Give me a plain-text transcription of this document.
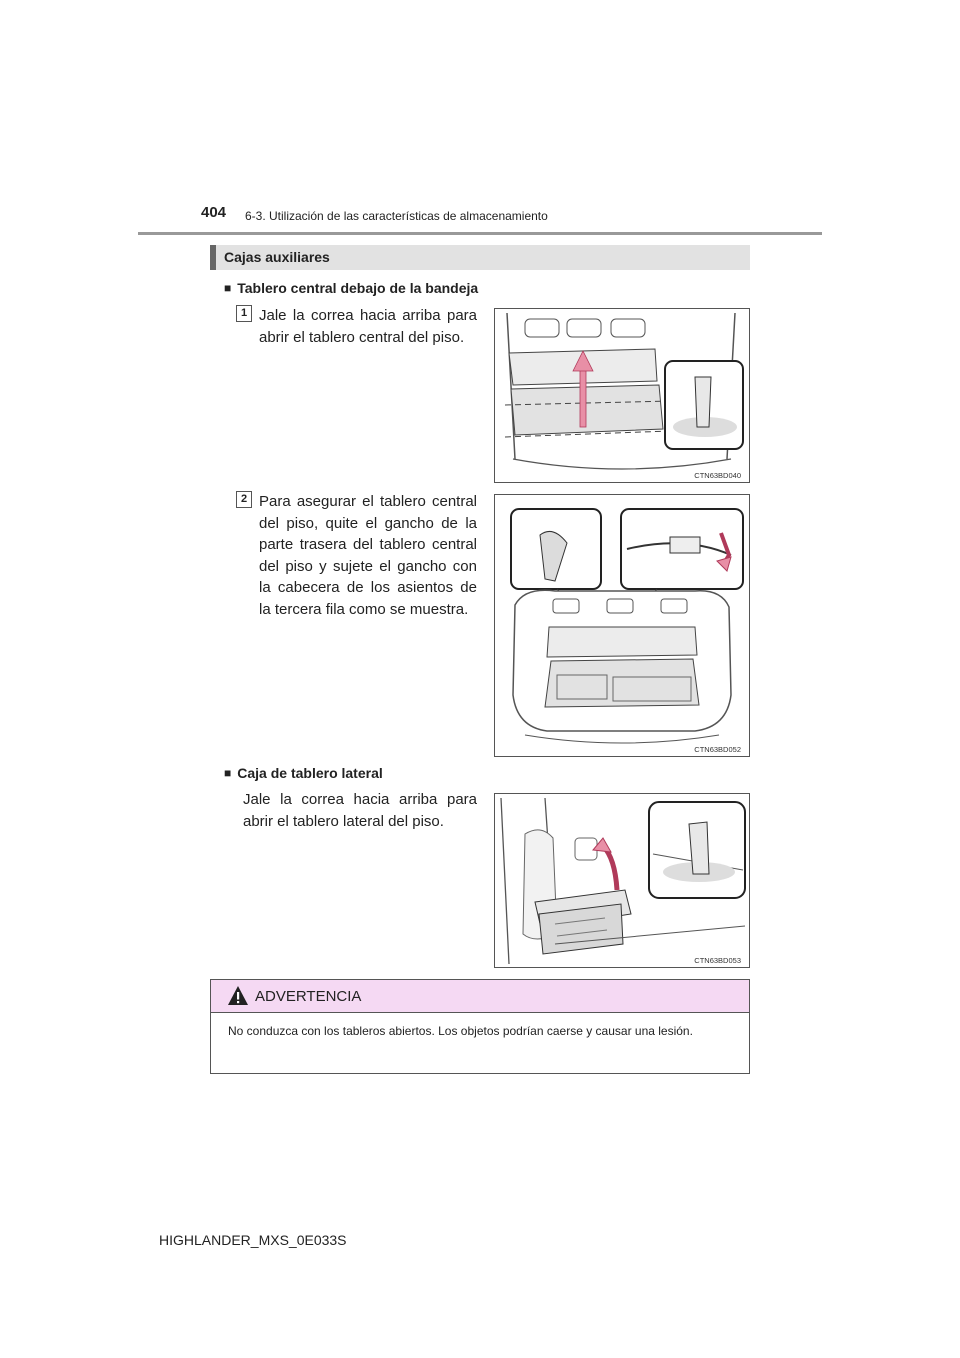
404 6-3. Utilización de las características de almacenamiento
Cajas auxiliares
■ Tablero central debajo de la bandeja
1 Jale la correa hacia arriba para abrir el tablero central del piso.
CTN63BD040
2 Para asegurar el tablero central del piso, quite el gancho de la parte trasera del tablero central del piso y sujete el gancho con la cabecera de los asientos de la tercera fila como se muestra.
CTN63BD052
■ Caja de tablero lateral
Jale la correa hacia arriba para abrir el tablero lateral del piso.
CTN63BD053
ADVERTENCIA
No conduzca con los tableros abiertos. Los objetos podrían caerse y causar una lesión.
HIGHLANDER_MXS_0E033S
